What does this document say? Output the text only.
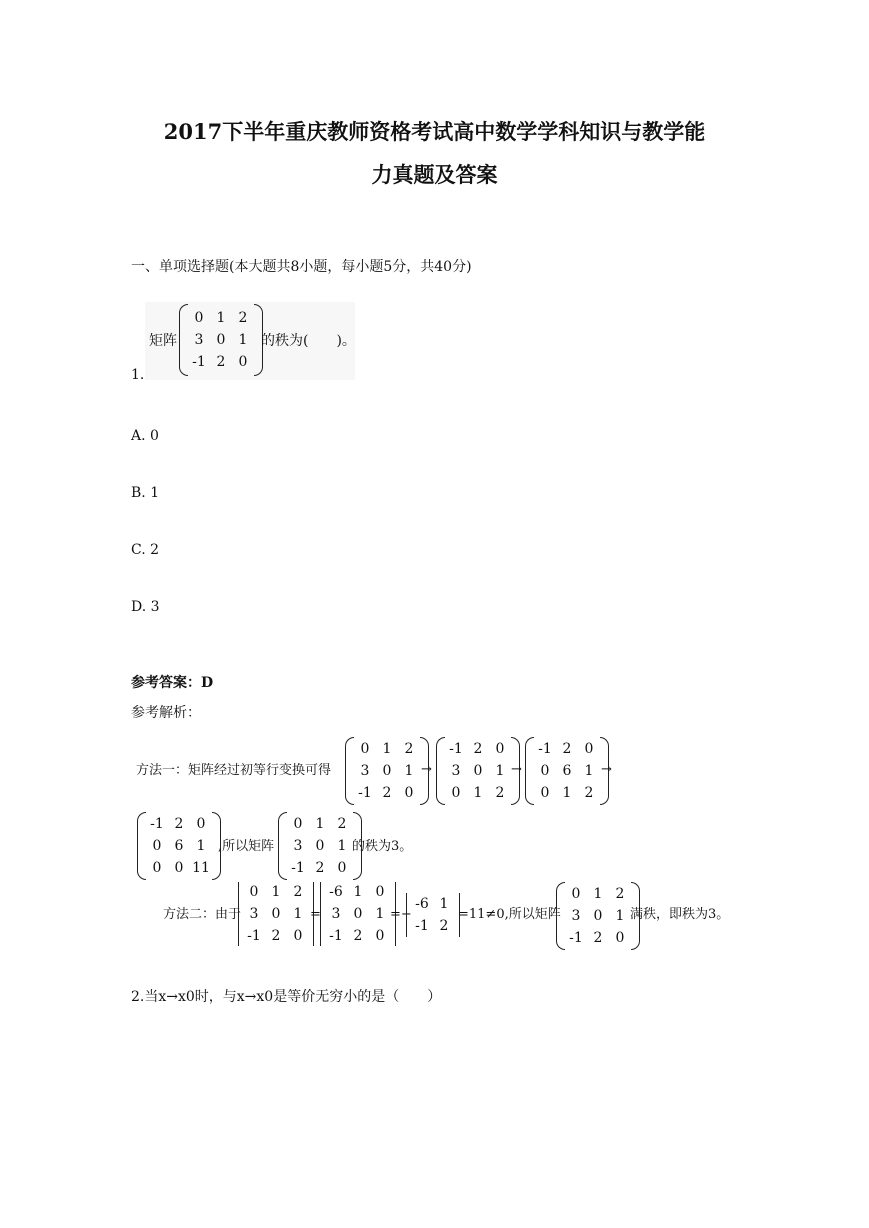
2017下半年重庆教师资格考试高中数学学科知识与教学能
力真题及答案
一、单项选择题(本大题共8小题，每小题5分，共40分)
1.
矩阵
0 1 2
3 0 1
-1 2 0
的秩为(　　)。
A. 0
B. 1
C. 2
D. 3
参考答案：D
参考解析：
方法一：矩阵经过初等行变换可得
0 1 2
3 0 1
-1 2 0
→
-1 2 0
3 0 1
0 1 2
→
-1 2 0
0 6 1
0 1 2
→
-1 2 0
0 6 1
0 0 11
,所以矩阵
0 1 2
3 0 1
-1 2 0
的秩为3。
方法二：由于
0 1 2
3 0 1
-1 2 0
=
-6 1 0
3 0 1
-1 2 0
=−
-6 1
-1 2
=11≠0,所以矩阵
0 1 2
3 0 1
-1 2 0
满秩，即秩为3。
2.当x→x0时，与x→x0是等价无穷小的是（　　）
